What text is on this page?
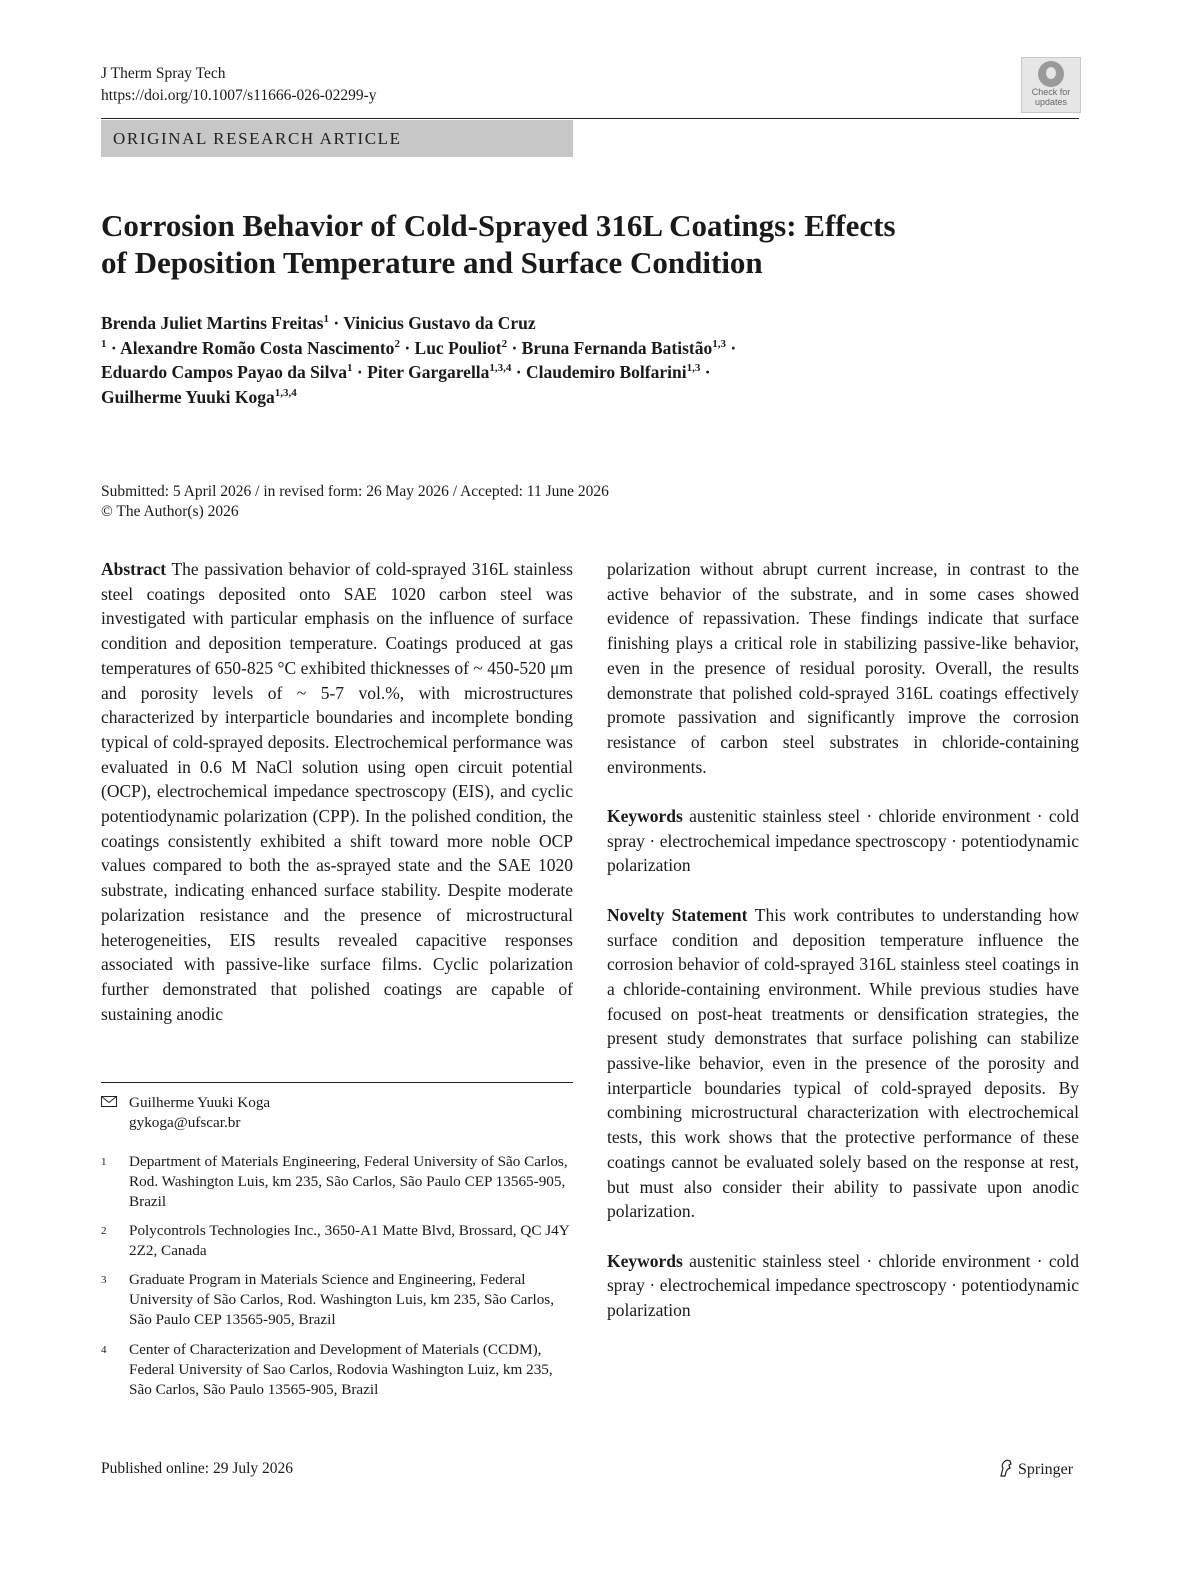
J Therm Spray Tech
https://doi.org/10.1007/s11666-026-02299-y	Check for
updates
ORIGINAL RESEARCH ARTICLE
Corrosion Behavior of Cold-Sprayed 316L Coatings: Effects
of Deposition Temperature and Surface Condition
Brenda Juliet Martins Freitas$^1$ · Vinicius Gustavo da Cruz
$^1$ · Alexandre Romão Costa Nascimento$^2$ · Luc Pouliot$^2$ · Bruna Fernanda Batistão$^{1,3}$ ·
Eduardo Campos Payao da Silva$^1$ · Piter Gargarella$^{1,3,4}$ · Claudemiro Bolfarini$^{1,3}$ ·
Guilherme Yuuki Koga$^{1,3,4}$
Submitted: 5 April 2026 / in revised form: 26 May 2026 / Accepted: 11 June 2026
© The Author(s) 2026

Abstract The passivation behavior of cold-sprayed 316L stainless steel coatings deposited onto SAE 1020 carbon steel was investigated with particular emphasis on the influence of surface condition and deposition temperature. Coatings produced at gas temperatures of 650-825 °C exhibited thicknesses of ~ 450-520 μm and porosity levels of ~ 5-7 vol.%, with microstructures characterized by interparticle boundaries and incomplete bonding typical of cold-sprayed deposits. Electrochemical performance was evaluated in 0.6 M NaCl solution using open circuit potential (OCP), electrochemical impedance spectroscopy (EIS), and cyclic potentiodynamic polarization (CPP). In the polished condition, the coatings consistently exhibited a shift toward more noble OCP values compared to both the as-sprayed state and the SAE 1020 substrate, indicating enhanced surface stability. Despite moderate polarization resistance and the presence of microstructural heterogeneities, EIS results revealed capacitive responses associated with passive-like surface films. Cyclic polarization further demonstrated that polished coatings are capable of sustaining anodic

Guilherme Yuuki Koga
gykoga@ufscar.br
1	Department of Materials Engineering, Federal University of São Carlos, Rod. Washington Luis, km 235, São Carlos, São Paulo CEP 13565-905, Brazil
2	Polycontrols Technologies Inc., 3650-A1 Matte Blvd, Brossard, QC J4Y 2Z2, Canada
3	Graduate Program in Materials Science and Engineering, Federal University of São Carlos, Rod. Washington Luis, km 235, São Carlos, São Paulo CEP 13565-905, Brazil
4	Center of Characterization and Development of Materials (CCDM), Federal University of Sao Carlos, Rodovia Washington Luiz, km 235, São Carlos, São Paulo 13565-905, Brazil

polarization without abrupt current increase, in contrast to the active behavior of the substrate, and in some cases showed evidence of repassivation. These findings indicate that surface finishing plays a critical role in stabilizing passive-like behavior, even in the presence of residual porosity. Overall, the results demonstrate that polished cold-sprayed 316L coatings effectively promote passivation and significantly improve the corrosion resistance of carbon steel substrates in chloride-containing environments.

Keywords austenitic stainless steel · chloride environment · cold spray · electrochemical impedance spectroscopy · potentiodynamic polarization

Novelty Statement This work contributes to understanding how surface condition and deposition temperature influence the corrosion behavior of cold-sprayed 316L stainless steel coatings in a chloride-containing environment. While previous studies have focused on post-heat treatments or densification strategies, the present study demonstrates that surface polishing can stabilize passive-like behavior, even in the presence of the porosity and interparticle boundaries typical of cold-sprayed deposits. By combining microstructural characterization with electrochemical tests, this work shows that the protective performance of these coatings cannot be evaluated solely based on the response at rest, but must also consider their ability to passivate upon anodic polarization.

Keywords austenitic stainless steel · chloride environment · cold spray · electrochemical impedance spectroscopy · potentiodynamic polarization

Published online: 29 July 2026	Springer
